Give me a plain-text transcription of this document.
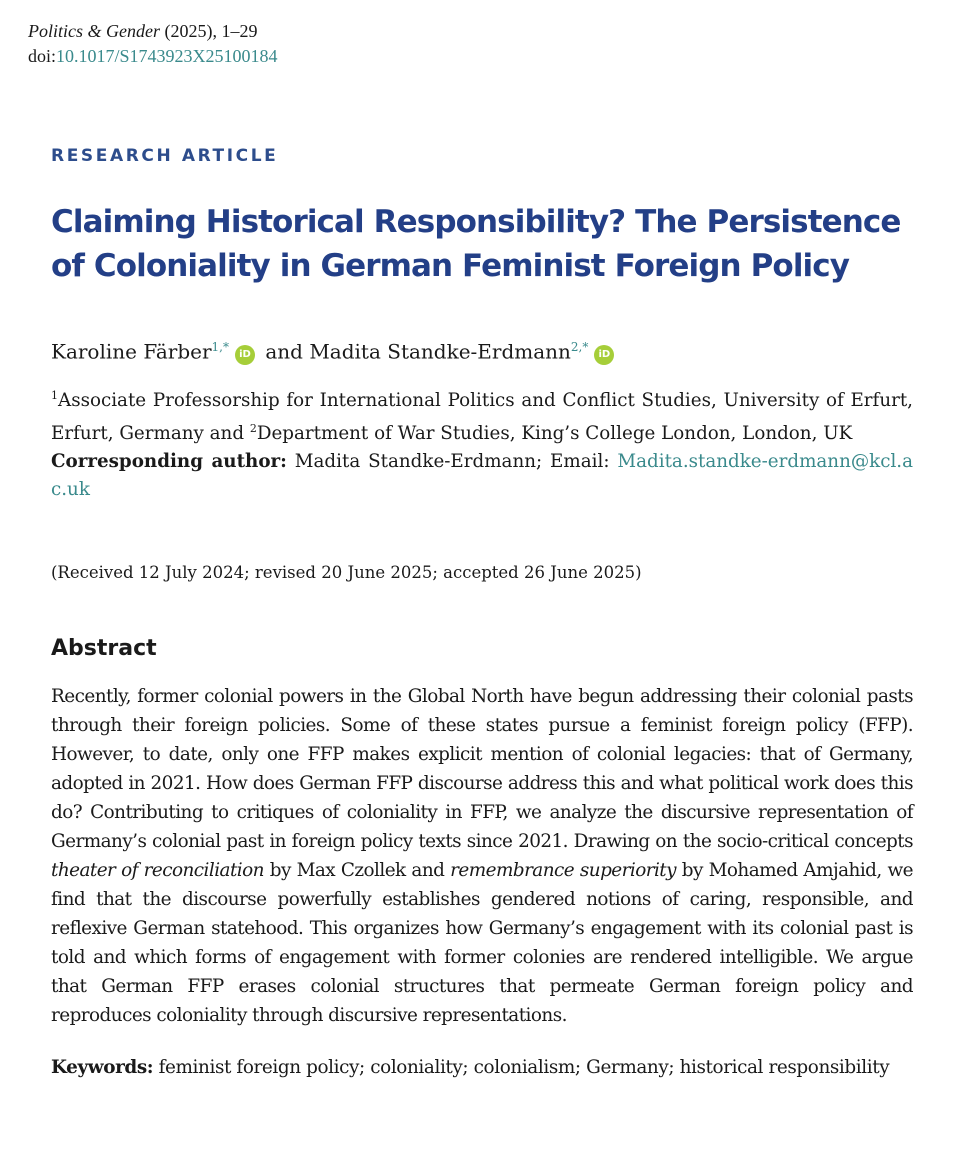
Politics & Gender (2025), 1–29
doi:10.1017/S1743923X25100184
RESEARCH ARTICLE
Claiming Historical Responsibility? The Persistence of Coloniality in German Feminist Foreign Policy
Karoline Färber$^{1,*}$iD and Madita Standke-Erdmann$^{2,*}$iD
$^1$Associate Professorship for International Politics and Conflict Studies, University of Erfurt, Erfurt, Germany and $^2$Department of War Studies, King’s College London, London, UK
Corresponding author: Madita Standke-Erdmann; Email: Madita.standke-erdmann@kcl.ac.uk
(Received 12 July 2024; revised 20 June 2025; accepted 26 June 2025)
Abstract

Recently, former colonial powers in the Global North have begun addressing their colonial pasts through their foreign policies. Some of these states pursue a feminist foreign policy (FFP). However, to date, only one FFP makes explicit mention of colonial legacies: that of Germany, adopted in 2021. How does German FFP discourse address this and what political work does this do? Contributing to critiques of coloniality in FFP, we analyze the discursive representation of Germany’s colonial past in foreign policy texts since 2021. Drawing on the socio-critical concepts theater of reconciliation by Max Czollek and remembrance superiority by Mohamed Amjahid, we find that the discourse powerfully establishes gendered notions of caring, responsible, and reflexive German statehood. This organizes how Germany’s engagement with its colonial past is told and which forms of engagement with former colonies are rendered intelligible. We argue that German FFP erases colonial structures that permeate German foreign policy and reproduces coloniality through discursive representations.

Keywords: feminist foreign policy; coloniality; colonialism; Germany; historical responsibility
